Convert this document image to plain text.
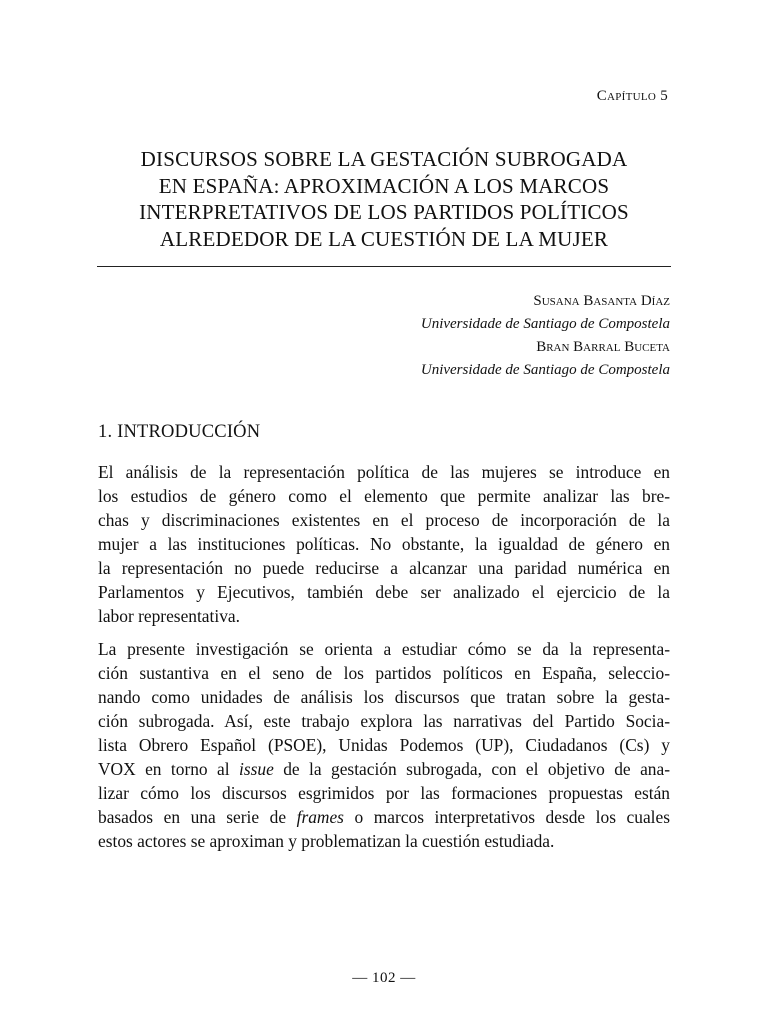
Capítulo 5
DISCURSOS SOBRE LA GESTACIÓN SUBROGADA
EN ESPAÑA: APROXIMACIÓN A LOS MARCOS
INTERPRETATIVOS DE LOS PARTIDOS POLÍTICOS
ALREDEDOR DE LA CUESTIÓN DE LA MUJER
Susana Basanta Díaz
Universidade de Santiago de Compostela
Bran Barral Buceta
Universidade de Santiago de Compostela
1. INTRODUCCIÓN

El análisis de la representación política de las mujeres se introduce en
los estudios de género como el elemento que permite analizar las bre-
chas y discriminaciones existentes en el proceso de incorporación de la
mujer a las instituciones políticas. No obstante, la igualdad de género en
la representación no puede reducirse a alcanzar una paridad numérica en
Parlamentos y Ejecutivos, también debe ser analizado el ejercicio de la
labor representativa.

La presente investigación se orienta a estudiar cómo se da la representa-
ción sustantiva en el seno de los partidos políticos en España, seleccio-
nando como unidades de análisis los discursos que tratan sobre la gesta-
ción subrogada. Así, este trabajo explora las narrativas del Partido Socia-
lista Obrero Español (PSOE), Unidas Podemos (UP), Ciudadanos (Cs) y
VOX en torno al issue de la gestación subrogada, con el objetivo de ana-
lizar cómo los discursos esgrimidos por las formaciones propuestas están
basados en una serie de frames o marcos interpretativos desde los cuales
estos actores se aproximan y problematizan la cuestión estudiada.

— 102 —
